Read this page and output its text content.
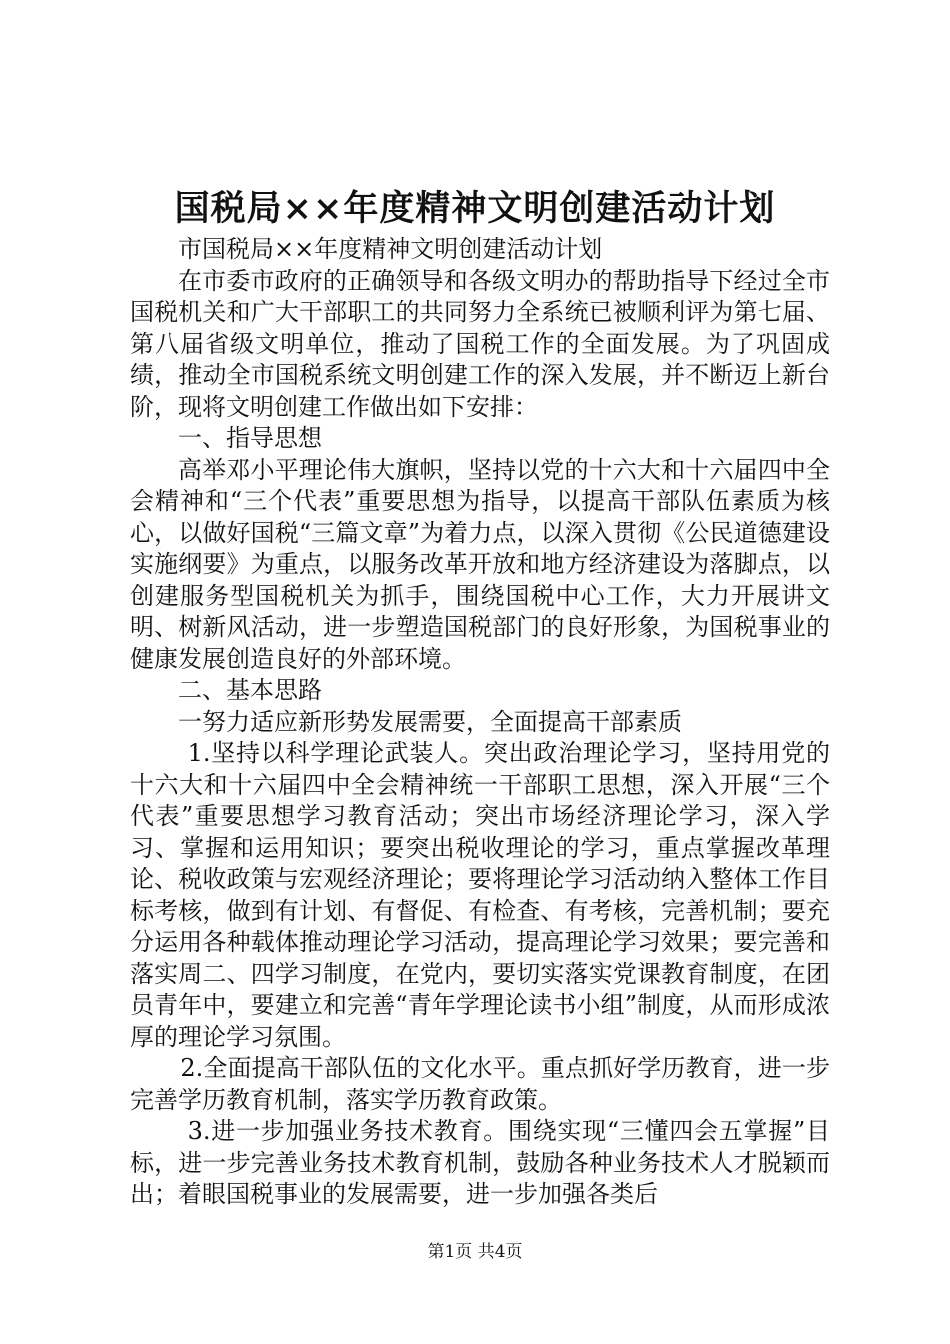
国税局××年度精神文明创建活动计划

市国税局××年度精神文明创建活动计划

在市委市政府的正确领导和各级文明办的帮助指导下经过全市国税机关和广大干部职工的共同努力全系统已被顺利评为第七届、第八届省级文明单位，推动了国税工作的全面发展。为了巩固成绩，推动全市国税系统文明创建工作的深入发展，并不断迈上新台阶，现将文明创建工作做出如下安排：

一、指导思想

高举邓小平理论伟大旗帜，坚持以党的十六大和十六届四中全会精神和“三个代表”重要思想为指导，以提高干部队伍素质为核心，以做好国税“三篇文章”为着力点，以深入贯彻《公民道德建设实施纲要》为重点，以服务改革开放和地方经济建设为落脚点，以创建服务型国税机关为抓手，围绕国税中心工作，大力开展讲文明、树新风活动，进一步塑造国税部门的良好形象，为国税事业的健康发展创造良好的外部环境。

二、基本思路

一努力适应新形势发展需要，全面提高干部素质

1.坚持以科学理论武装人。突出政治理论学习，坚持用党的十六大和十六届四中全会精神统一干部职工思想，深入开展“三个代表”重要思想学习教育活动；突出市场经济理论学习，深入学习、掌握和运用知识；要突出税收理论的学习，重点掌握改革理论、税收政策与宏观经济理论；要将理论学习活动纳入整体工作目标考核，做到有计划、有督促、有检查、有考核，完善机制；要充分运用各种载体推动理论学习活动，提高理论学习效果；要完善和落实周二、四学习制度，在党内，要切实落实党课教育制度，在团员青年中，要建立和完善“青年学理论读书小组”制度，从而形成浓厚的理论学习氛围。

2.全面提高干部队伍的文化水平。重点抓好学历教育，进一步完善学历教育机制，落实学历教育政策。

3.进一步加强业务技术教育。围绕实现“三懂四会五掌握”目标，进一步完善业务技术教育机制，鼓励各种业务技术人才脱颖而出；着眼国税事业的发展需要，进一步加强各类后

第1页 共4页
